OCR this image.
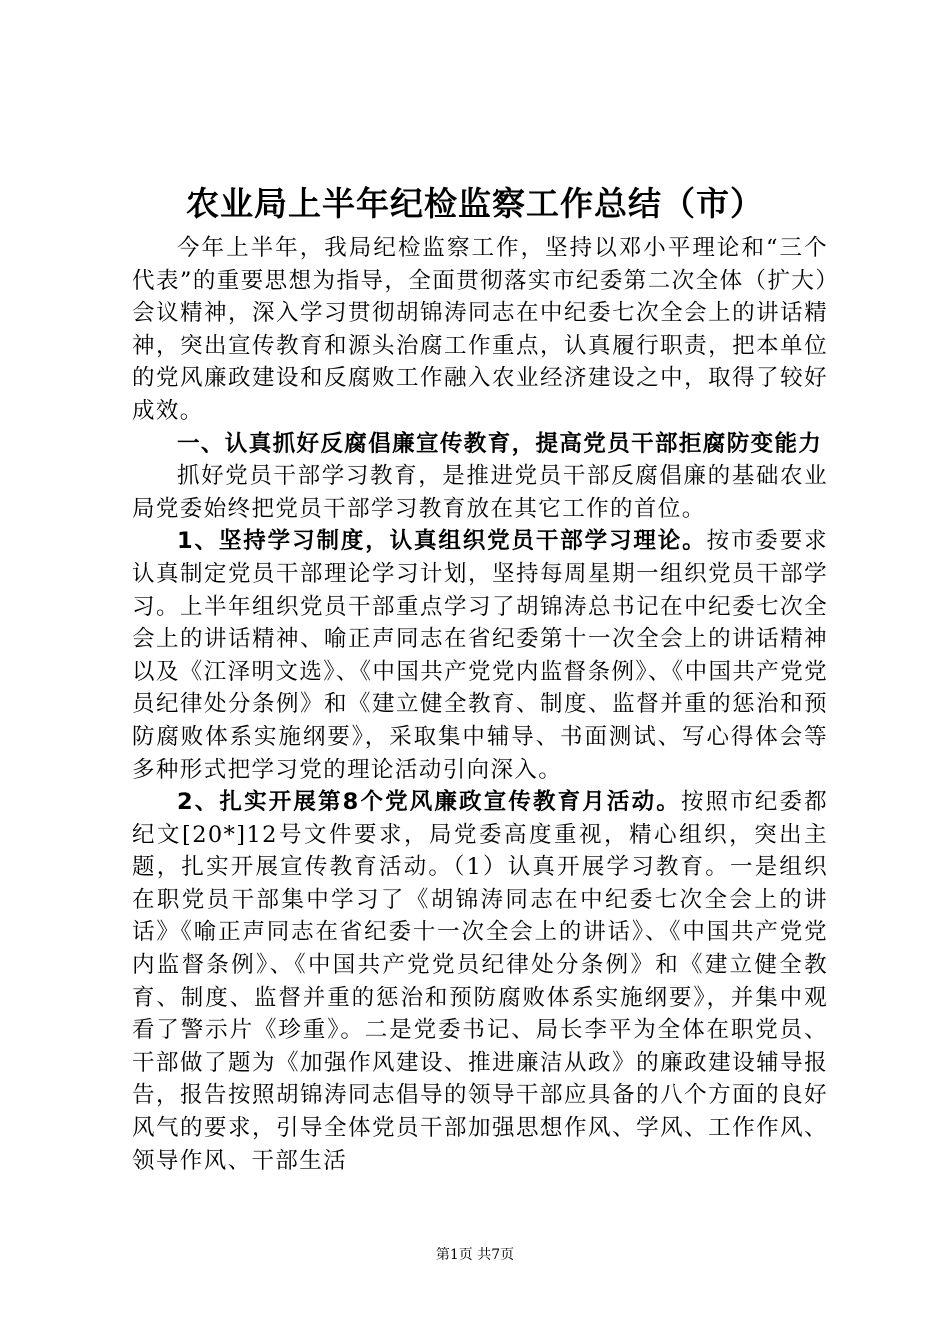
农业局上半年纪检监察工作总结（市）

今年上半年，我局纪检监察工作，坚持以邓小平理论和“三个代表”的重要思想为指导，全面贯彻落实市纪委第二次全体（扩大）会议精神，深入学习贯彻胡锦涛同志在中纪委七次全会上的讲话精神，突出宣传教育和源头治腐工作重点，认真履行职责，把本单位的党风廉政建设和反腐败工作融入农业经济建设之中，取得了较好成效。

一、认真抓好反腐倡廉宣传教育，提高党员干部拒腐防变能力

抓好党员干部学习教育，是推进党员干部反腐倡廉的基础农业局党委始终把党员干部学习教育放在其它工作的首位。

1、坚持学习制度，认真组织党员干部学习理论。按市委要求认真制定党员干部理论学习计划，坚持每周星期一组织党员干部学习。上半年组织党员干部重点学习了胡锦涛总书记在中纪委七次全会上的讲话精神、喻正声同志在省纪委第十一次全会上的讲话精神以及《江泽明文选》、《中国共产党党内监督条例》、《中国共产党党员纪律处分条例》和《建立健全教育、制度、监督并重的惩治和预防腐败体系实施纲要》，采取集中辅导、书面测试、写心得体会等多种形式把学习党的理论活动引向深入。

2、扎实开展第8个党风廉政宣传教育月活动。按照市纪委都纪文[20*]12号文件要求，局党委高度重视，精心组织，突出主题，扎实开展宣传教育活动。（1）认真开展学习教育。一是组织在职党员干部集中学习了《胡锦涛同志在中纪委七次全会上的讲话》《喻正声同志在省纪委十一次全会上的讲话》、《中国共产党党内监督条例》、《中国共产党党员纪律处分条例》和《建立健全教育、制度、监督并重的惩治和预防腐败体系实施纲要》，并集中观看了警示片《珍重》。二是党委书记、局长李平为全体在职党员、干部做了题为《加强作风建设、推进廉洁从政》的廉政建设辅导报告，报告按照胡锦涛同志倡导的领导干部应具备的八个方面的良好风气的要求，引导全体党员干部加强思想作风、学风、工作作风、领导作风、干部生活

第1页 共7页
